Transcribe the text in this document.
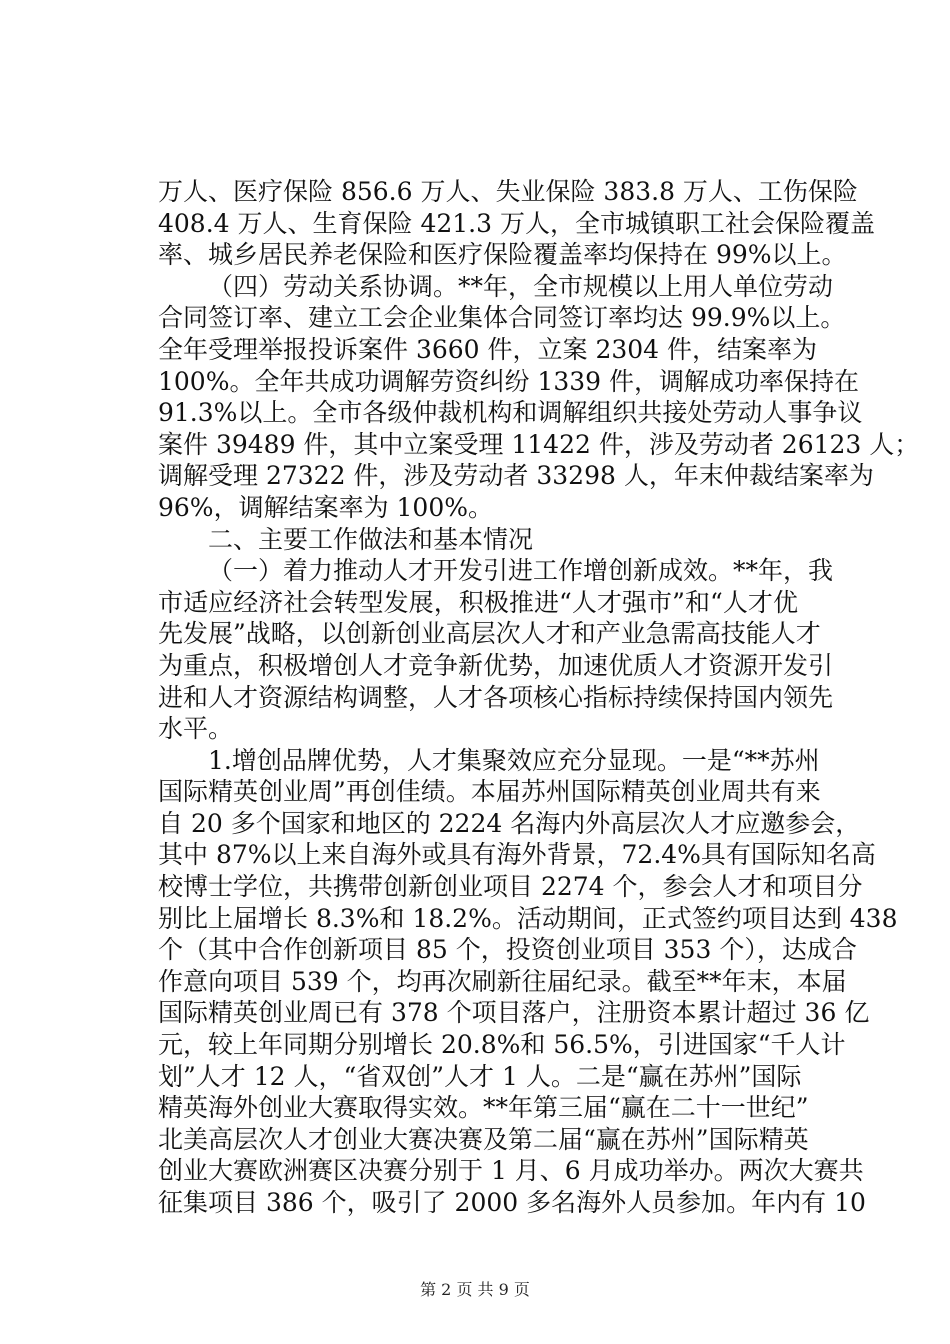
万人、医疗保险 856.6 万人、失业保险 383.8 万人、工伤保险
408.4 万人、生育保险 421.3 万人，全市城镇职工社会保险覆盖
率、城乡居民养老保险和医疗保险覆盖率均保持在 99%以上。
（四）劳动关系协调。**年，全市规模以上用人单位劳动
合同签订率、建立工会企业集体合同签订率均达 99.9%以上。
全年受理举报投诉案件 3660 件，立案 2304 件，结案率为
100%。全年共成功调解劳资纠纷 1339 件，调解成功率保持在
91.3%以上。全市各级仲裁机构和调解组织共接处劳动人事争议
案件 39489 件，其中立案受理 11422 件，涉及劳动者 26123 人；
调解受理 27322 件，涉及劳动者 33298 人，年末仲裁结案率为
96%，调解结案率为 100%。
二、主要工作做法和基本情况
（一）着力推动人才开发引进工作增创新成效。**年，我
市适应经济社会转型发展，积极推进“人才强市”和“人才优
先发展”战略，以创新创业高层次人才和产业急需高技能人才
为重点，积极增创人才竞争新优势，加速优质人才资源开发引
进和人才资源结构调整，人才各项核心指标持续保持国内领先
水平。
1.增创品牌优势，人才集聚效应充分显现。一是“**苏州
国际精英创业周”再创佳绩。本届苏州国际精英创业周共有来
自 20 多个国家和地区的 2224 名海内外高层次人才应邀参会，
其中 87%以上来自海外或具有海外背景，72.4%具有国际知名高
校博士学位，共携带创新创业项目 2274 个，参会人才和项目分
别比上届增长 8.3%和 18.2%。活动期间，正式签约项目达到 438
个（其中合作创新项目 85 个，投资创业项目 353 个），达成合
作意向项目 539 个，均再次刷新往届纪录。截至**年末，本届
国际精英创业周已有 378 个项目落户，注册资本累计超过 36 亿
元，较上年同期分别增长 20.8%和 56.5%，引进国家“千人计
划”人才 12 人，“省双创”人才 1 人。二是“赢在苏州”国际
精英海外创业大赛取得实效。**年第三届“赢在二十一世纪”
北美高层次人才创业大赛决赛及第二届“赢在苏州”国际精英
创业大赛欧洲赛区决赛分别于 1 月、6 月成功举办。两次大赛共
征集项目 386 个，吸引了 2000 多名海外人员参加。年内有 10
第 2 页 共 9 页
